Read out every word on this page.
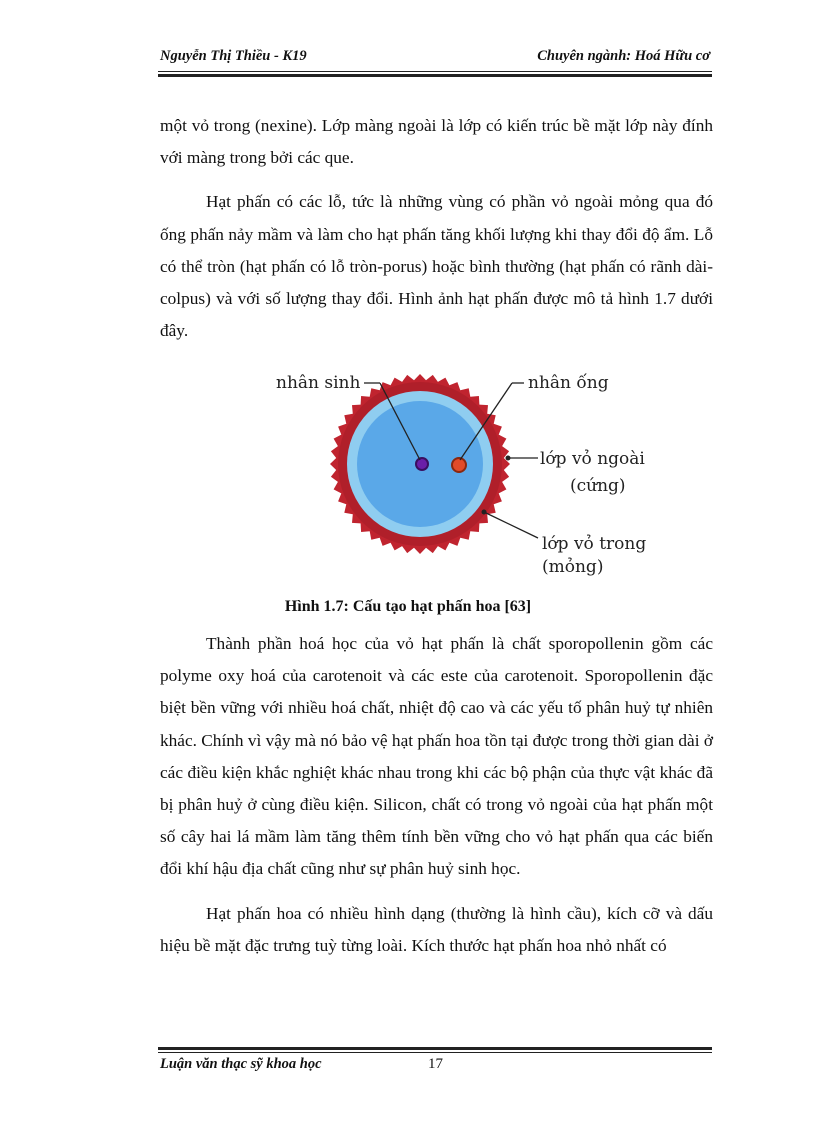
Nguyễn Thị Thiều - K19	Chuyên ngành: Hoá Hữu cơ

một vỏ trong (nexine). Lớp màng ngoài là lớp có kiến trúc bề mặt lớp này đính với màng trong bởi các que.

Hạt phấn có các lỗ, tức là những vùng có phần vỏ ngoài mỏng qua đó ống phấn nảy mầm và làm cho hạt phấn tăng khối lượng khi thay đổi độ ẩm. Lỗ có thể tròn (hạt phấn có lỗ tròn-porus) hoặc bình thường (hạt phấn có rãnh dài-colpus) và với số lượng thay đổi. Hình ảnh hạt phấn được mô tả hình 1.7 dưới đây.

nhân sinh	nhân ống
lớp vỏ ngoài
(cứng)
lớp vỏ trong
(mỏng)
Hình 1.7: Cấu tạo hạt phấn hoa [63]

Thành phần hoá học của vỏ hạt phấn là chất sporopollenin gồm các polyme oxy hoá của carotenoit và các este của carotenoit. Sporopollenin đặc biệt bền vững với nhiều hoá chất, nhiệt độ cao và các yếu tố phân huỷ tự nhiên khác. Chính vì vậy mà nó bảo vệ hạt phấn hoa tồn tại được trong thời gian dài ở các điều kiện khắc nghiệt khác nhau trong khi các bộ phận của thực vật khác đã bị phân huỷ ở cùng điều kiện. Silicon, chất có trong vỏ ngoài của hạt phấn một số cây hai lá mầm làm tăng thêm tính bền vững cho vỏ hạt phấn qua các biến đổi khí hậu địa chất cũng như sự phân huỷ sinh học.

Hạt phấn hoa có nhiều hình dạng (thường là hình cầu), kích cỡ và dấu hiệu bề mặt đặc trưng tuỳ từng loài. Kích thước hạt phấn hoa nhỏ nhất có

Luận văn thạc sỹ khoa học	17
